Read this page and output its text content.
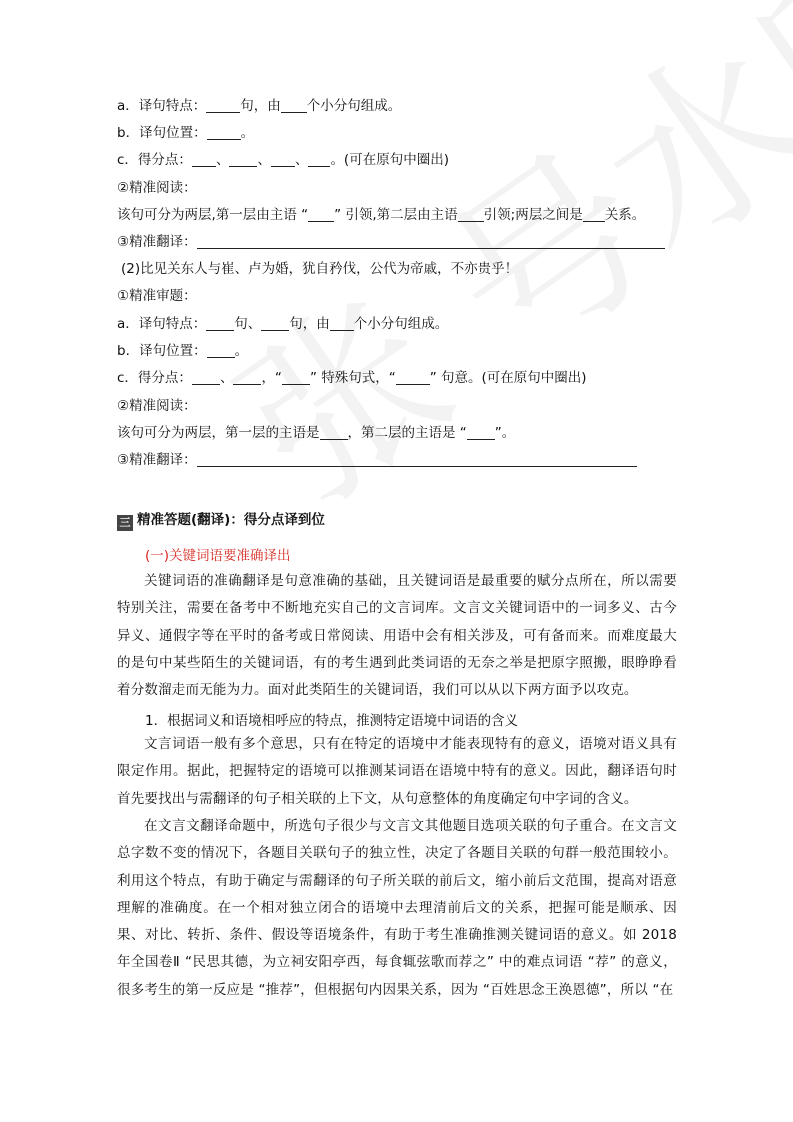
a．译句特点：	句，由 个小分句组成。
b．译句位置：	。
c．得分点： 、 、 、 。(可在原句中圈出)
②精准阅读：
该句可分为两层,第一层由主语 “ ” 引领,第二层由主语 引领;两层之间是 关系。
③精准翻译：
(2)比见关东人与崔、卢为婚，犹自矜伐，公代为帝戚，不亦贵乎！
①精准审题：
a．译句特点： 句、 句，由 个小分句组成。
b．译句位置： 。
c．得分点： 、 ，“ ” 特殊句式，“	” 句意。(可在原句中圈出)
②精准阅读：
该句可分为两层，第一层的主语是 ，第二层的主语是 “ ”。
③精准翻译：
三 精准答题(翻译)：得分点译到位
(一)关键词语要准确译出
关键词语的准确翻译是句意准确的基础，且关键词语是最重要的赋分点所在，所以需要特别关注，需要在备考中不断地充实自己的文言词库。文言文关键词语中的一词多义、古今异义、通假字等在平时的备考或日常阅读、用语中会有相关涉及，可有备而来。而难度最大的是句中某些陌生的关键词语，有的考生遇到此类词语的无奈之举是把原字照搬，眼睁睁看着分数溜走而无能为力。面对此类陌生的关键词语，我们可以从以下两方面予以攻克。
1．根据词义和语境相呼应的特点，推测特定语境中词语的含义
文言词语一般有多个意思，只有在特定的语境中才能表现特有的意义，语境对语义具有限定作用。据此，把握特定的语境可以推测某词语在语境中特有的意义。因此，翻译语句时首先要找出与需翻译的句子相关联的上下文，从句意整体的角度确定句中字词的含义。
在文言文翻译命题中，所选句子很少与文言文其他题目选项关联的句子重合。在文言文总字数不变的情况下，各题目关联句子的独立性，决定了各题目关联的句群一般范围较小。利用这个特点，有助于确定与需翻译的句子所关联的前后文，缩小前后文范围，提高对语意理解的准确度。在一个相对独立闭合的语境中去理清前后文的关系，把握可能是顺承、因果、对比、转折、条件、假设等语境条件，有助于考生准确推测关键词语的意义。如 2018 年全国卷Ⅱ “民思其德，为立祠安阳亭西，每食辄弦歌而荐之” 中的难点词语 “荐” 的意义，很多考生的第一反应是 “推荐”，但根据句内因果关系，因为 “百姓思念王涣恩德”，所以 “在
